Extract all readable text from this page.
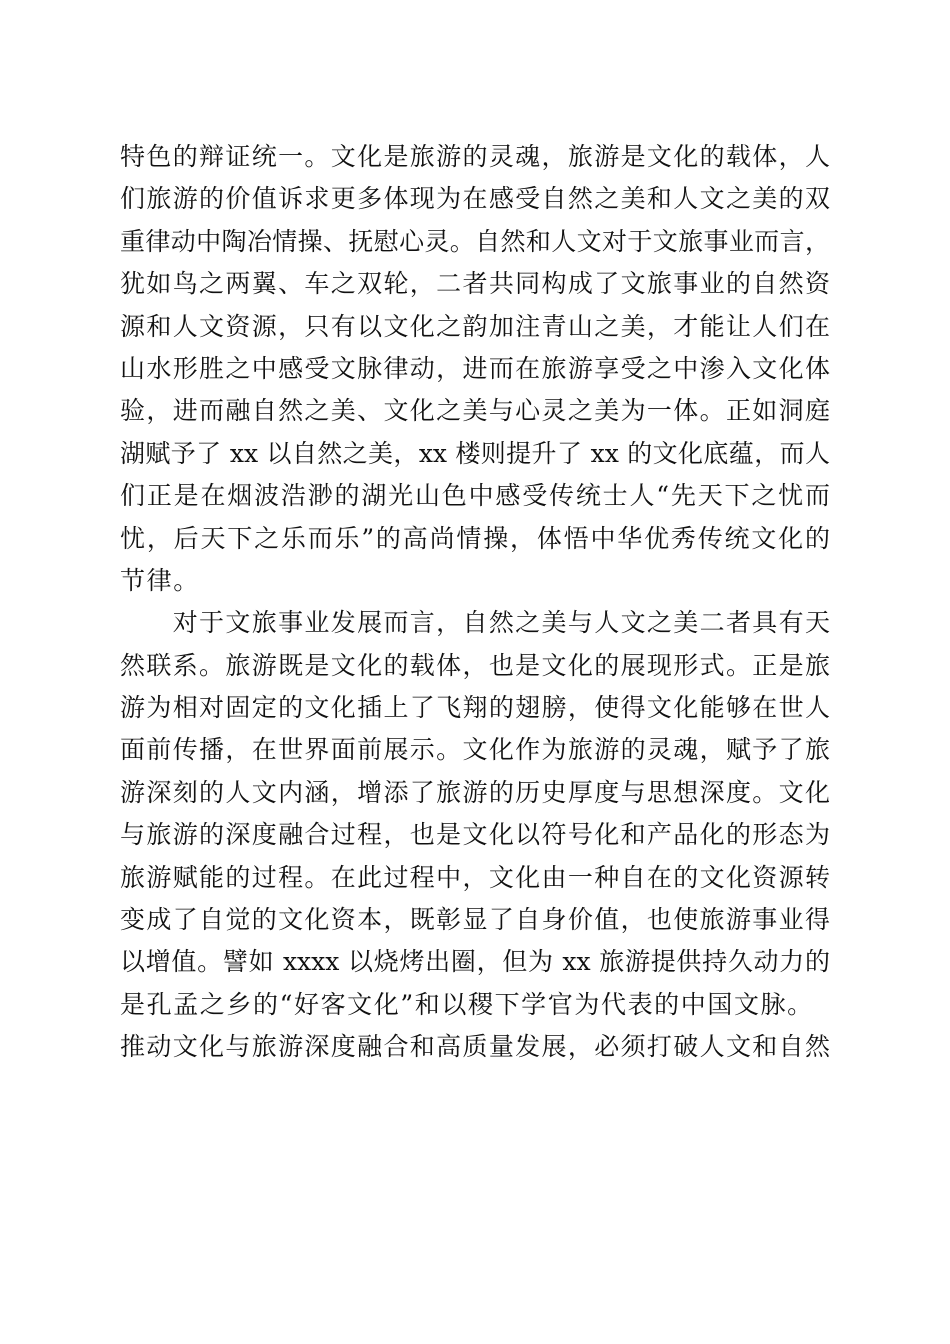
特色的辩证统一。文化是旅游的灵魂，旅游是文化的载体，人
们旅游的价值诉求更多体现为在感受自然之美和人文之美的双
重律动中陶冶情操、抚慰心灵。自然和人文对于文旅事业而言，
犹如鸟之两翼、车之双轮，二者共同构成了文旅事业的自然资
源和人文资源，只有以文化之韵加注青山之美，才能让人们在
山水形胜之中感受文脉律动，进而在旅游享受之中渗入文化体
验，进而融自然之美、文化之美与心灵之美为一体。正如洞庭
湖赋予了 xx 以自然之美，xx 楼则提升了 xx 的文化底蕴，而人
们正是在烟波浩渺的湖光山色中感受传统士人“先天下之忧而
忧，后天下之乐而乐”的高尚情操，体悟中华优秀传统文化的
节律。
　　对于文旅事业发展而言，自然之美与人文之美二者具有天
然联系。旅游既是文化的载体，也是文化的展现形式。正是旅
游为相对固定的文化插上了飞翔的翅膀，使得文化能够在世人
面前传播，在世界面前展示。文化作为旅游的灵魂，赋予了旅
游深刻的人文内涵，增添了旅游的历史厚度与思想深度。文化
与旅游的深度融合过程，也是文化以符号化和产品化的形态为
旅游赋能的过程。在此过程中，文化由一种自在的文化资源转
变成了自觉的文化资本，既彰显了自身价值，也使旅游事业得
以增值。譬如 xxxx 以烧烤出圈，但为 xx 旅游提供持久动力的
是孔孟之乡的“好客文化”和以稷下学官为代表的中国文脉。
推动文化与旅游深度融合和高质量发展，必须打破人文和自然
